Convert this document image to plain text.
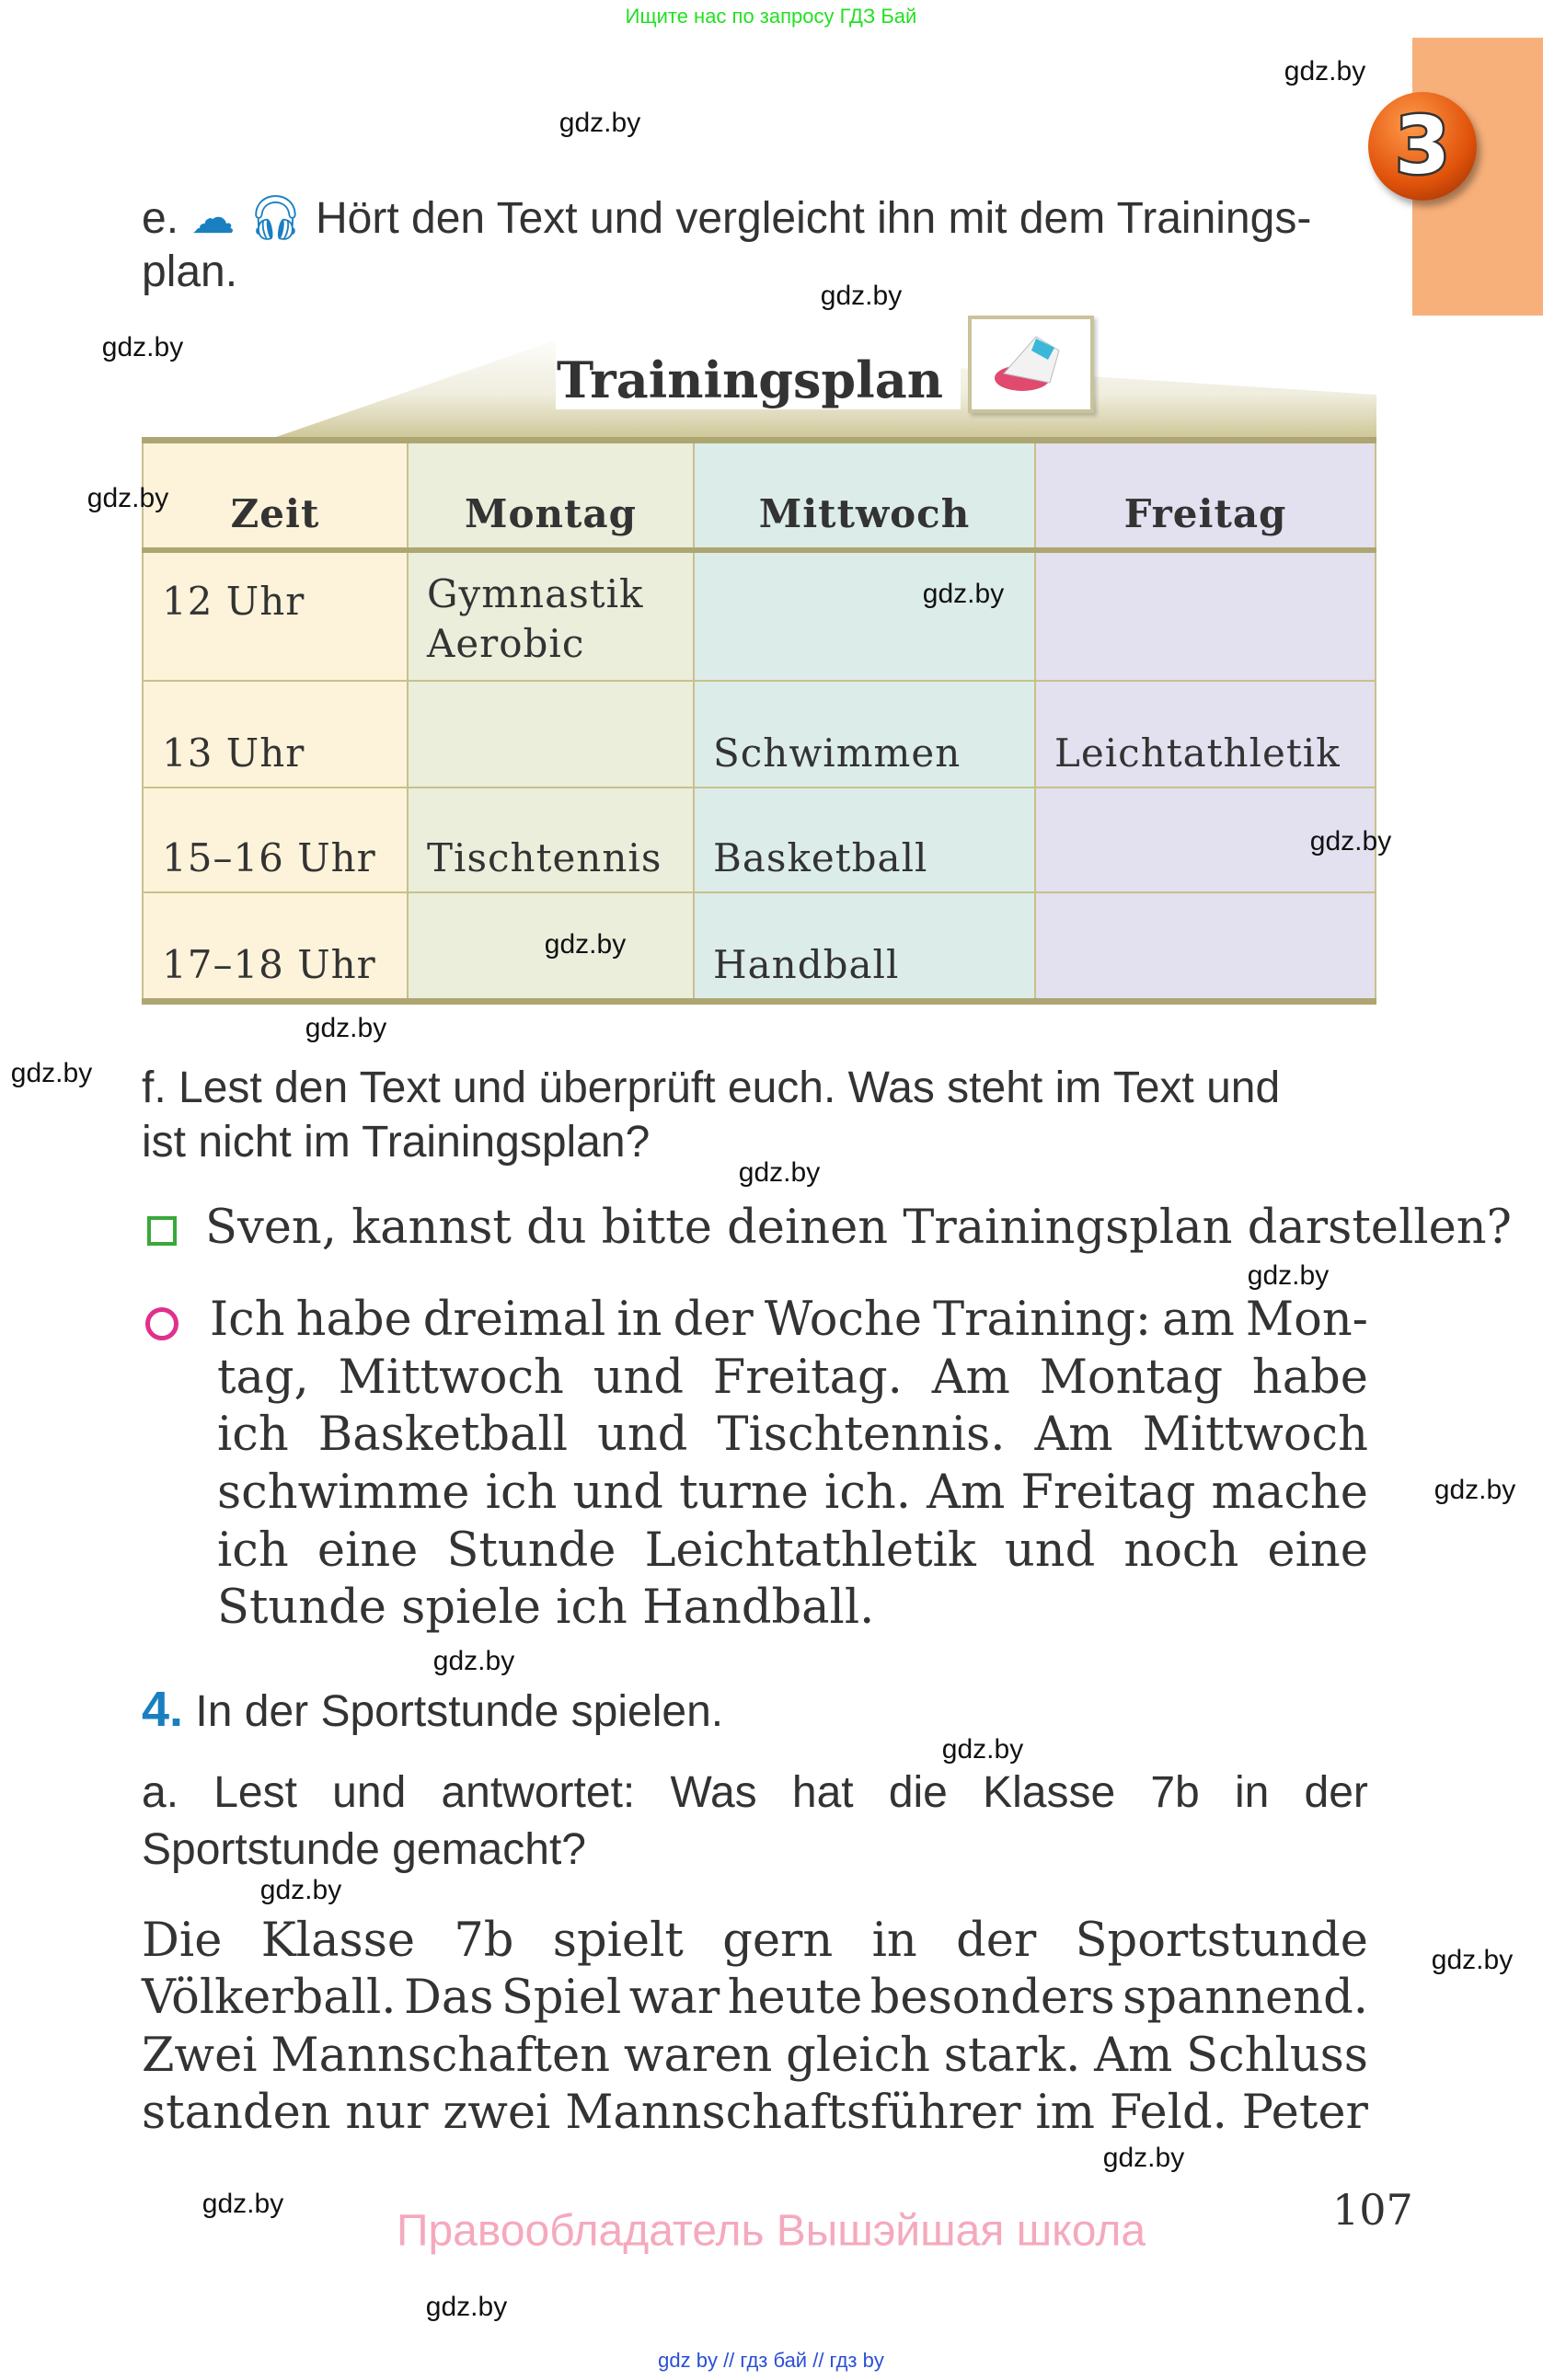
Ищите нас по запросу ГДЗ Бай
3
e. ☁ 🎧︎ Hört den Text und vergleicht ihn mit dem Trainings-
plan.
Trainingsplan
Zeit	Montag	Mittwoch	Freitag
12 Uhr	Gymnastik
Aerobic		
13 Uhr		Schwimmen	Leichtathletik
15–16 Uhr	Tischtennis	Basketball	
17–18 Uhr		Handball	
f. Lest den Text und überprüft euch. Was steht im Text und
ist nicht im Trainingsplan?
Sven, kannst du bitte deinen Trainingsplan darstellen?
Ich habe dreimal in der Woche Training: am Mon-
tag, Mittwoch und Freitag. Am Montag habe
ich Basketball und Tischtennis. Am Mittwoch
schwimme ich und turne ich. Am Freitag mache
ich eine Stunde Leichtathletik und noch eine
Stunde spiele ich Handball.
4. In der Sportstunde spielen.
a. Lest und antwortet: Was hat die Klasse 7b in der
Sportstunde gemacht?
Die Klasse 7b spielt gern in der Sportstunde
Völkerball. Das Spiel war heute besonders spannend.
Zwei Mannschaften waren gleich stark. Am Schluss
standen nur zwei Mannschaftsführer im Feld. Peter
107
Правообладатель Вышэйшая школа
gdz by // гдз бай // гдз by
gdz.by
gdz.by
gdz.by
gdz.by
gdz.by
gdz.by
gdz.by
gdz.by
gdz.by
gdz.by
gdz.by
gdz.by
gdz.by
gdz.by
gdz.by
gdz.by
gdz.by
gdz.by
gdz.by
gdz.by
